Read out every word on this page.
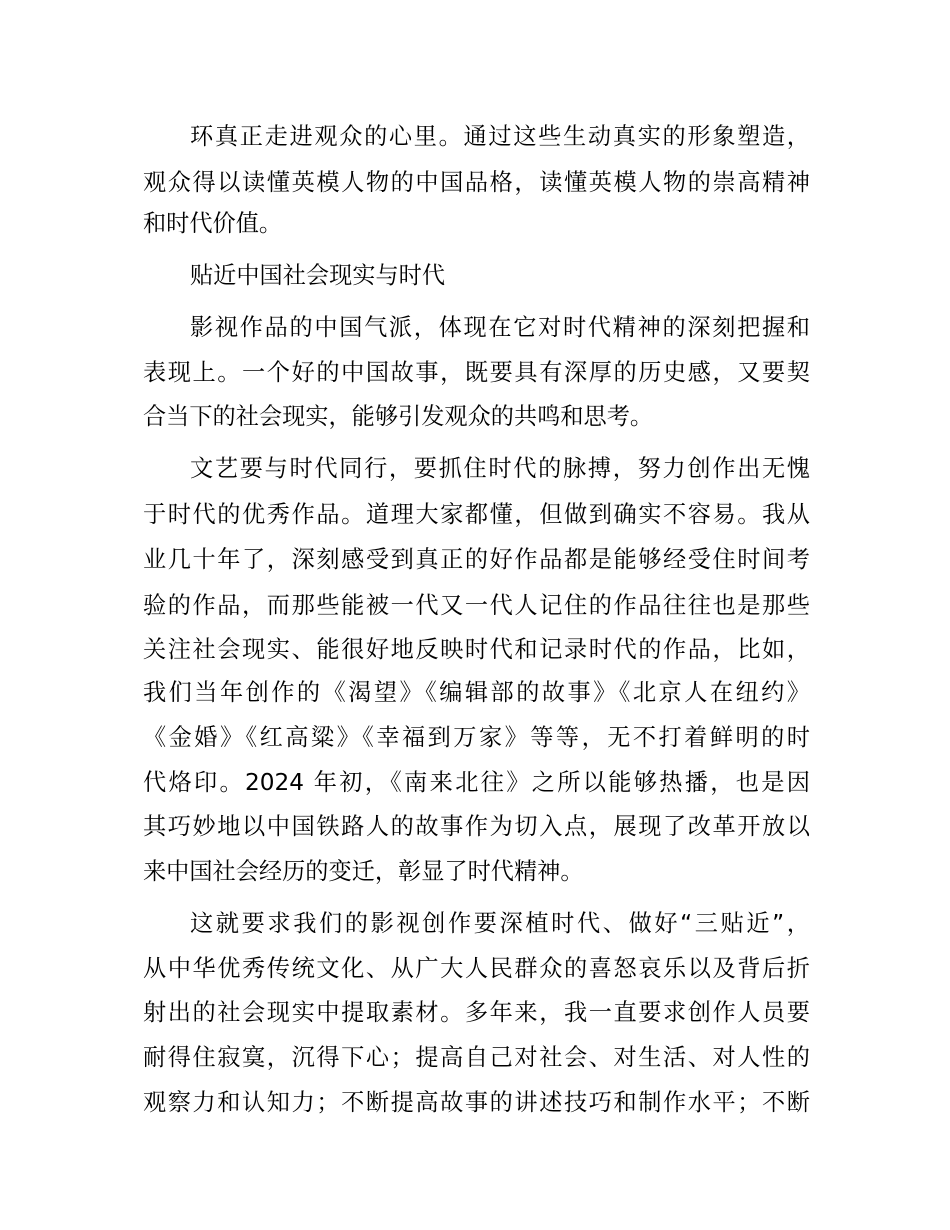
环真正走进观众的心里。通过这些生动真实的形象塑造，
观众得以读懂英模人物的中国品格，读懂英模人物的崇高精神
和时代价值。
贴近中国社会现实与时代
影视作品的中国气派，体现在它对时代精神的深刻把握和
表现上。一个好的中国故事，既要具有深厚的历史感，又要契
合当下的社会现实，能够引发观众的共鸣和思考。
文艺要与时代同行，要抓住时代的脉搏，努力创作出无愧
于时代的优秀作品。道理大家都懂，但做到确实不容易。我从
业几十年了，深刻感受到真正的好作品都是能够经受住时间考
验的作品，而那些能被一代又一代人记住的作品往往也是那些
关注社会现实、能很好地反映时代和记录时代的作品，比如，
我们当年创作的《渴望》《编辑部的故事》《北京人在纽约》
《金婚》《红高粱》《幸福到万家》等等，无不打着鲜明的时
代烙印。2024 年初，《南来北往》之所以能够热播，也是因
其巧妙地以中国铁路人的故事作为切入点，展现了改革开放以
来中国社会经历的变迁，彰显了时代精神。
这就要求我们的影视创作要深植时代、做好“三贴近”，
从中华优秀传统文化、从广大人民群众的喜怒哀乐以及背后折
射出的社会现实中提取素材。多年来，我一直要求创作人员要
耐得住寂寞，沉得下心；提高自己对社会、对生活、对人性的
观察力和认知力；不断提高故事的讲述技巧和制作水平；不断
